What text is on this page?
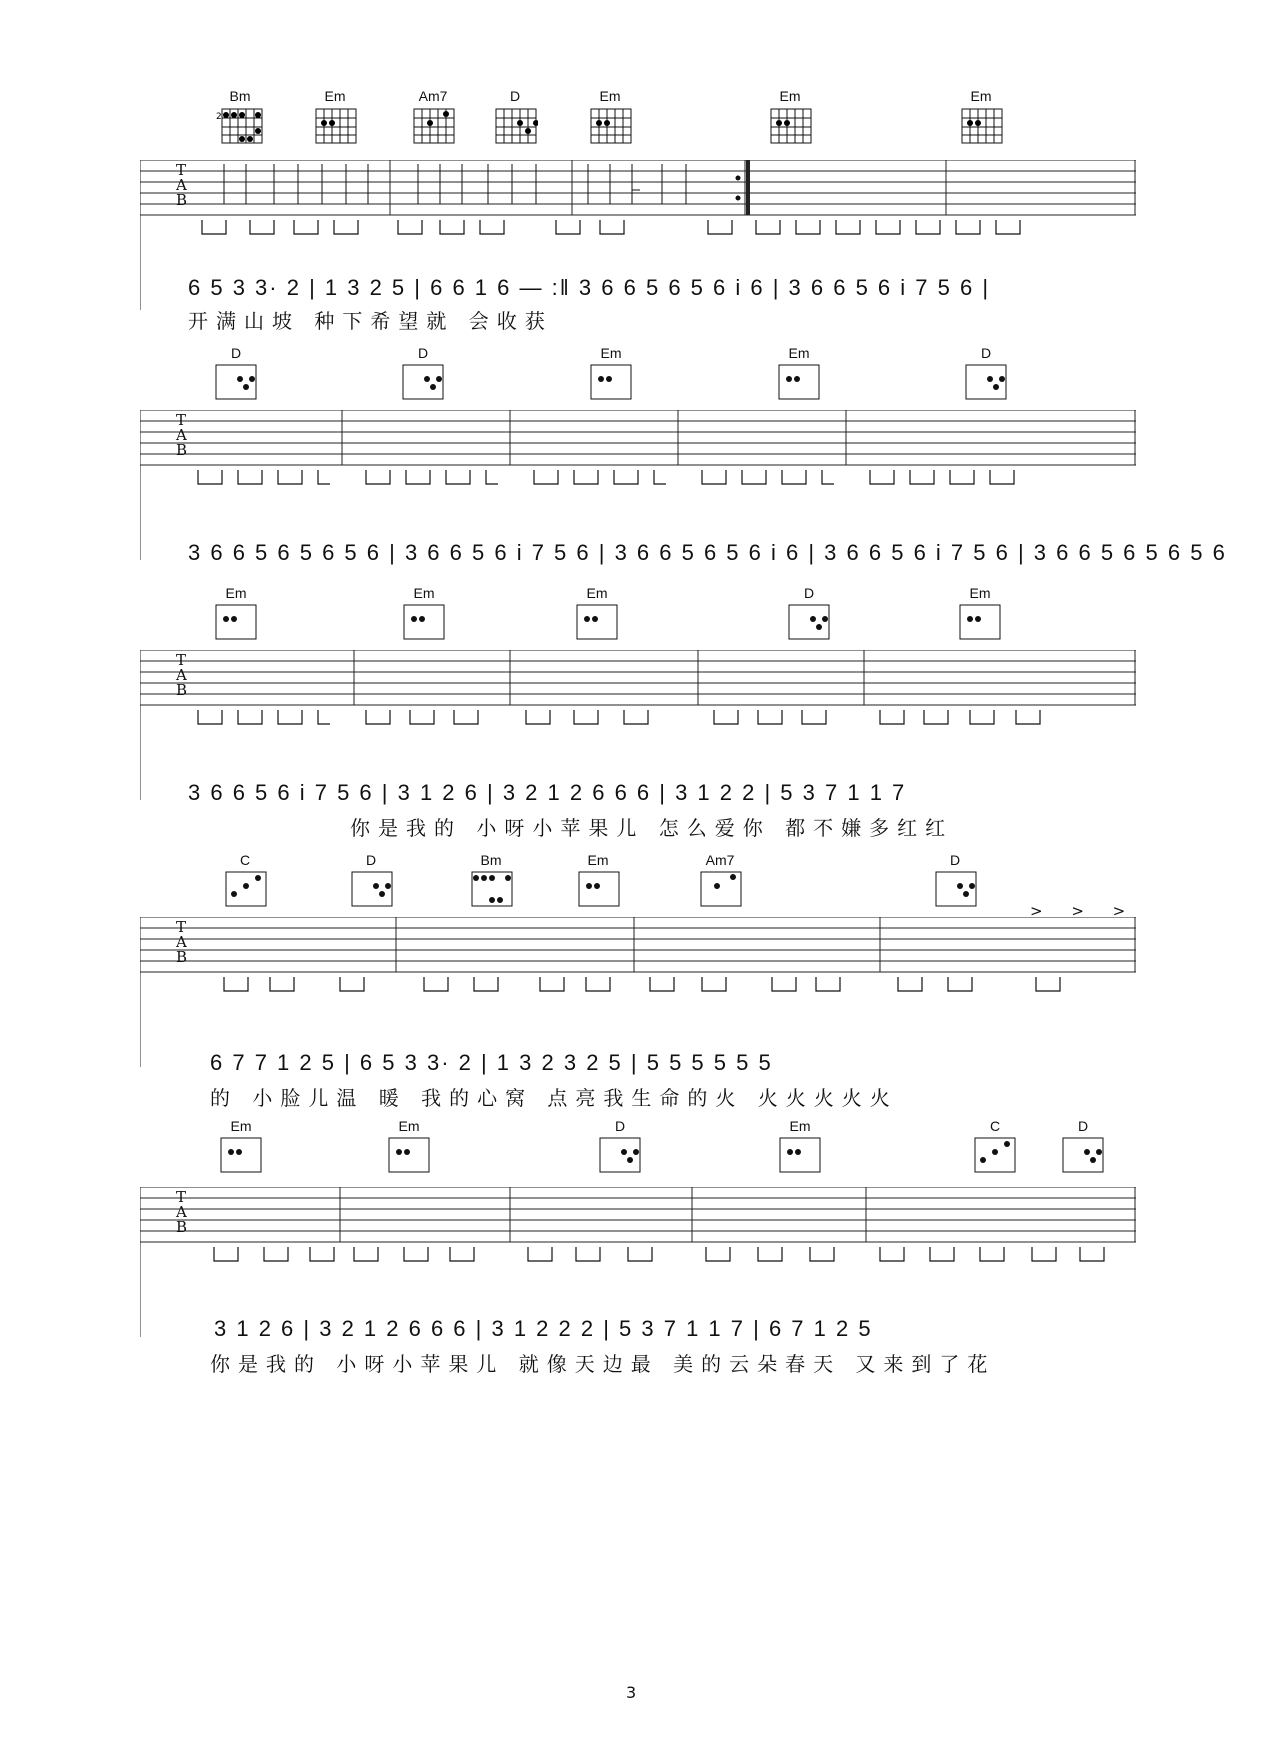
Bm
2
Em	Am7	D	Em	Em	Em
T
A
B
6 5 3 3· 2 | 1 3 2 5 | 6 6 1 6 — :‖ 3 6 6 5 6 5 6 i 6 | 3 6 6 5 6 i 7 5 6 |
开满山坡 种下希望就 会收获
D	D	Em	Em	D
T
A
B
3 6 6 5 6 5 6 5 6 | 3 6 6 5 6 i 7 5 6 | 3 6 6 5 6 5 6 i 6 | 3 6 6 5 6 i 7 5 6 | 3 6 6 5 6 5 6 5 6
Em	Em	Em	D	Em
T
A
B
3 6 6 5 6 i 7 5 6 | 3 1 2 6 | 3 2 1 2 6 6 6 | 3 1 2 2 | 5 3 7 1 1 7
你是我的 小呀小苹果儿 怎么爱你 都不嫌多红红
C	D	Bm	Em	Am7	D
> > >
T
A
B
6 7 7 1 2 5 | 6 5 3 3· 2 | 1 3 2 3 2 5 | 5 5 5 5 5 5
的 小脸儿温 暖 我的心窝 点亮我生命的火 火火火火火
Em	Em	D	Em	C	D
T
A
B
3 1 2 6 | 3 2 1 2 6 6 6 | 3 1 2 2 2 | 5 3 7 1 1 7 | 6 7 1 2 5
你是我的 小呀小苹果儿 就像天边最 美的云朵春天 又来到了花
3
